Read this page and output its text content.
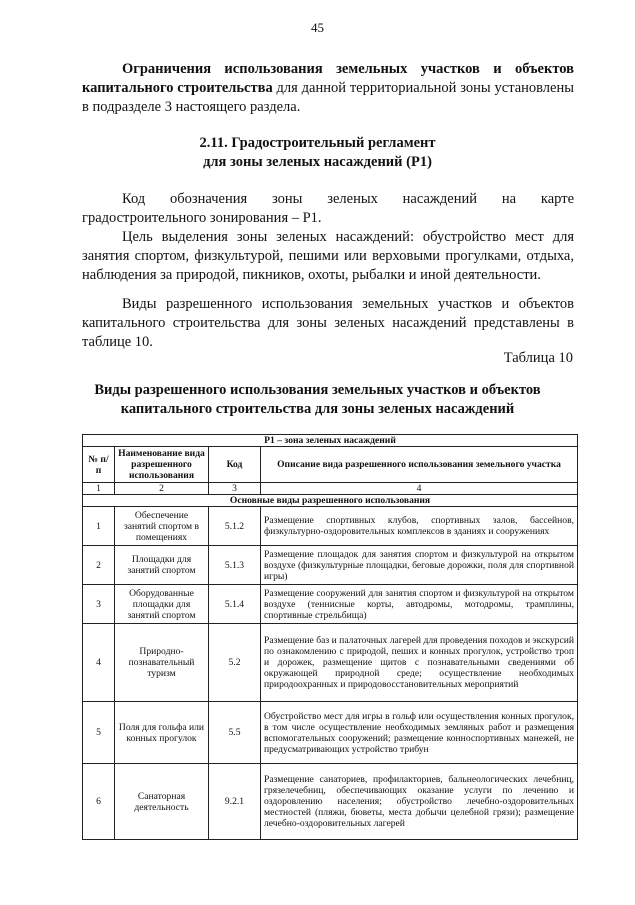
45
Ограничения использования земельных участков и объектов капитального строительства для данной территориальной зоны установлены в подразделе 3 настоящего раздела.
2.11. Градостроительный регламент
для зоны зеленых насаждений (Р1)
Код обозначения зоны зеленых насаждений на карте градостроительного зонирования – Р1.
Цель выделения зоны зеленых насаждений: обустройство мест для занятия спортом, физкультурой, пешими или верховыми прогулками, отдыха, наблюдения за природой, пикников, охоты, рыбалки и иной деятельности.
Виды разрешенного использования земельных участков и объектов капитального строительства для зоны зеленых насаждений представлены в таблице 10.
Таблица 10
Виды разрешенного использования земельных участков и объектов
капитального строительства для зоны зеленых насаждений
Р1 – зона зеленых насаждений			
№ п/п	Наименование вида разрешенного использования	Код	Описание вида разрешенного использования земельного участка
1	2	3	4
Основные виды разрешенного использования			
1	Обеспечение занятий спортом в помещениях	5.1.2	Размещение спортивных клубов, спортивных залов, бассейнов, физкультурно-оздоровительных комплексов в зданиях и сооружениях
2	Площадки для занятий спортом	5.1.3	Размещение площадок для занятия спортом и физкультурой на открытом воздухе (физкультурные площадки, беговые дорожки, поля для спортивной игры)
3	Оборудованные площадки для занятий спортом	5.1.4	Размещение сооружений для занятия спортом и физкультурой на открытом воздухе (теннисные корты, автодромы, мотодромы, трамплины, спортивные стрельбища)
4	Природно-познавательный туризм	5.2	Размещение баз и палаточных лагерей для проведения походов и экскурсий по ознакомлению с природой, пеших и конных прогулок, устройство троп и дорожек, размещение щитов с познавательными сведениями об окружающей природной среде; осуществление необходимых природоохранных и природовосстановительных мероприятий
5	Поля для гольфа или конных прогулок	5.5	Обустройство мест для игры в гольф или осуществления конных прогулок, в том числе осуществление необходимых земляных работ и размещения вспомогательных сооружений; размещение конноспортивных манежей, не предусматривающих устройство трибун
6	Санаторная деятельность	9.2.1	Размещение санаториев, профилакториев, бальнеологических лечебниц, грязелечебниц, обеспечивающих оказание услуги по лечению и оздоровлению населения; обустройство лечебно-оздоровительных местностей (пляжи, бюветы, места добычи целебной грязи); размещение лечебно-оздоровительных лагерей
